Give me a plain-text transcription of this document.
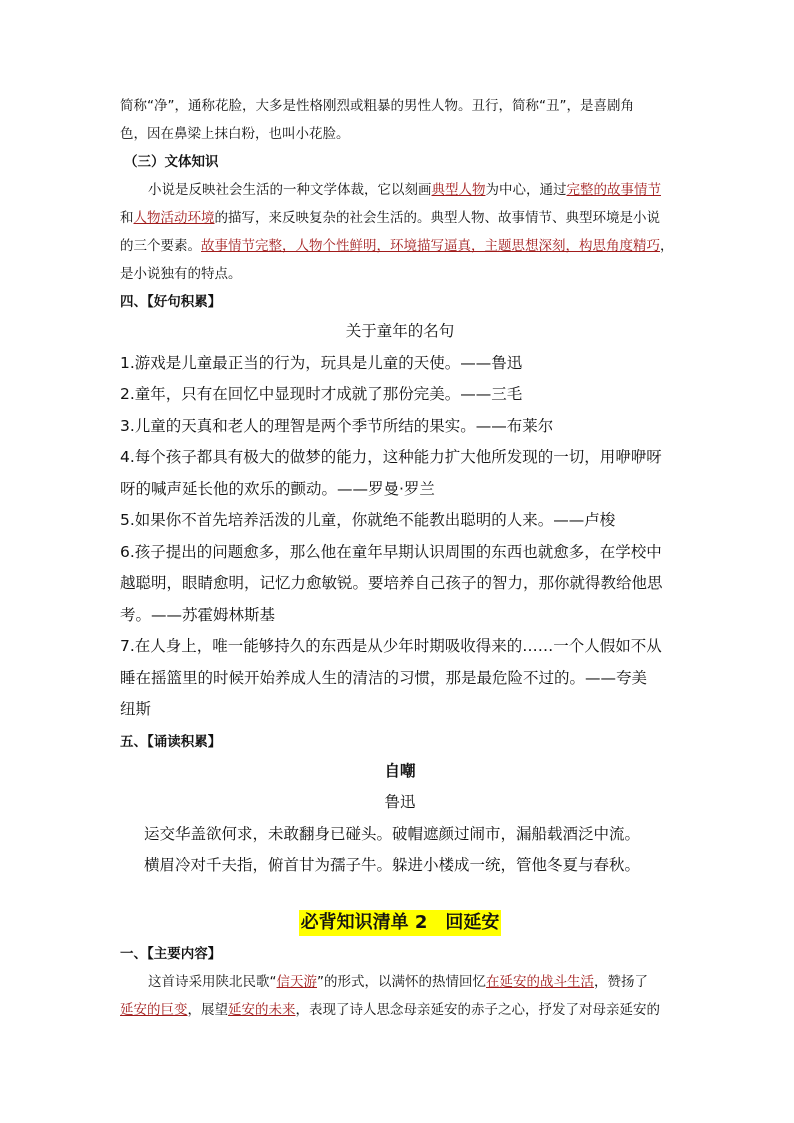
简称“净”，通称花脸，大多是性格刚烈或粗暴的男性人物。丑行，简称“丑”，是喜剧角
色，因在鼻梁上抹白粉，也叫小花脸。
（三）文体知识
小说是反映社会生活的一种文学体裁，它以刻画典型人物为中心，通过完整的故事情节
和人物活动环境的描写，来反映复杂的社会生活的。典型人物、故事情节、典型环境是小说
的三个要素。故事情节完整，人物个性鲜明，环境描写逼真，主题思想深刻，构思角度精巧，
是小说独有的特点。
四、【好句积累】
关于童年的名句
1.游戏是儿童最正当的行为，玩具是儿童的天使。——鲁迅
2.童年，只有在回忆中显现时才成就了那份完美。——三毛
3.儿童的天真和老人的理智是两个季节所结的果实。——布莱尔
4.每个孩子都具有极大的做梦的能力，这种能力扩大他所发现的一切，用咿咿呀
呀的喊声延长他的欢乐的颤动。——罗曼·罗兰
5.如果你不首先培养活泼的儿童，你就绝不能教出聪明的人来。——卢梭
6.孩子提出的问题愈多，那么他在童年早期认识周围的东西也就愈多，在学校中
越聪明，眼睛愈明，记忆力愈敏锐。要培养自己孩子的智力，那你就得教给他思
考。——苏霍姆林斯基
7.在人身上，唯一能够持久的东西是从少年时期吸收得来的……一个人假如不从
睡在摇篮里的时候开始养成人生的清洁的习惯，那是最危险不过的。——夸美
纽斯
五、【诵读积累】
自嘲
鲁迅
运交华盖欲何求，未敢翻身已碰头。破帽遮颜过闹市，漏船载酒泛中流。
横眉冷对千夫指，俯首甘为孺子牛。躲进小楼成一统，管他冬夏与春秋。
必背知识清单 2　回延安
一、【主要内容】
这首诗采用陕北民歌“信天游”的形式，以满怀的热情回忆在延安的战斗生活，赞扬了
延安的巨变，展望延安的未来，表现了诗人思念母亲延安的赤子之心，抒发了对母亲延安的
